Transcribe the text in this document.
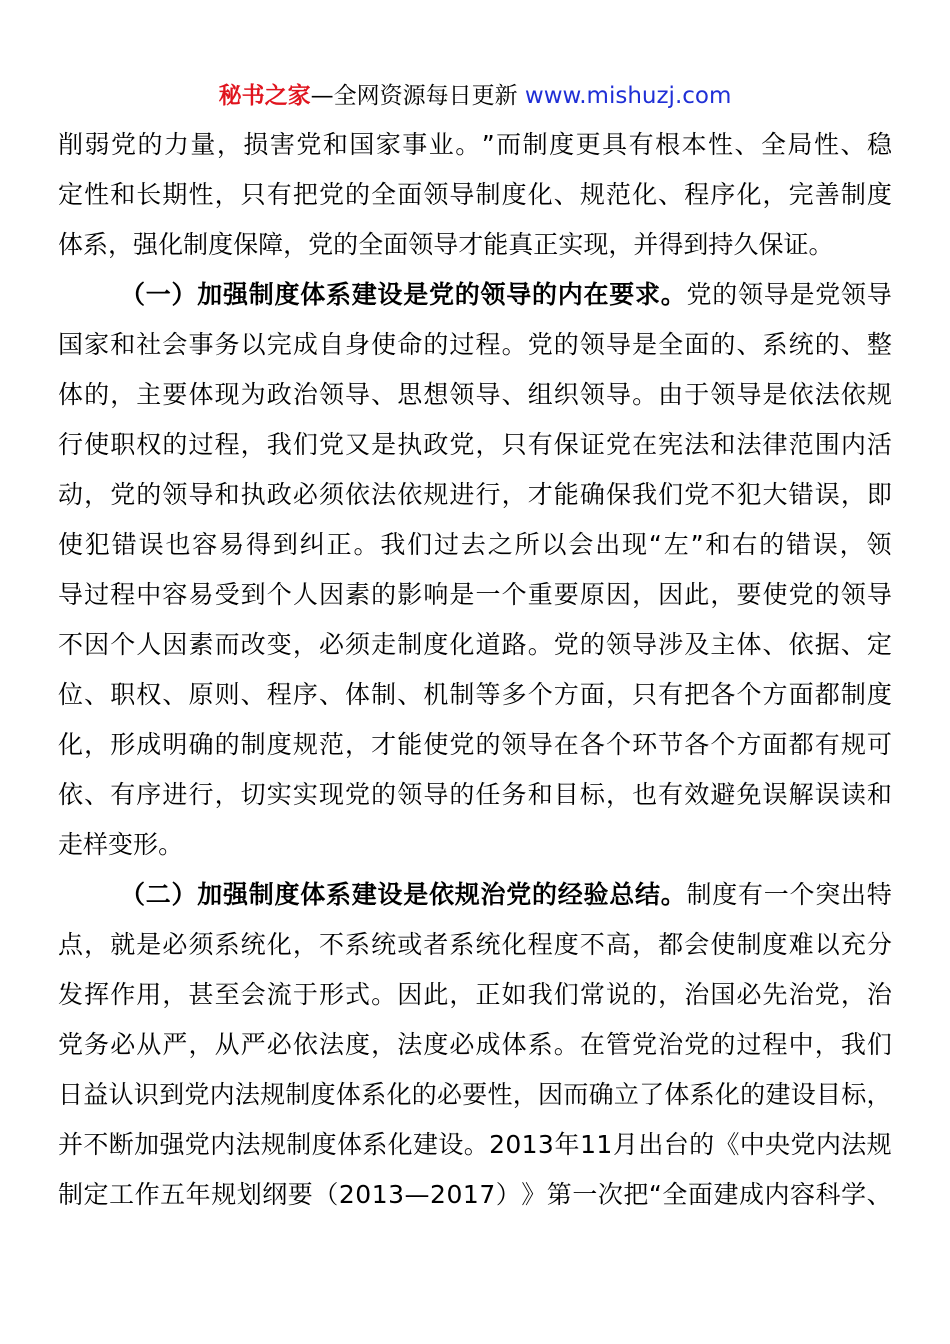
秘书之家—全网资源每日更新 www.mishuzj.com
削 弱 党 的 力 量 ， 损 害 党 和 国 家 事 业 。 ” 而 制 度 更 具 有 根 本 性 、 全 局 性 、 稳
定 性 和 长 期 性 ， 只 有 把 党 的 全 面 领 导 制 度 化 、 规 范 化 、 程 序 化 ， 完 善 制 度
体 系 ， 强 化 制 度 保 障 ， 党 的 全 面 领 导 才 能 真 正 实 现 ， 并 得 到 持 久 保 证 。
（ 一 ） 加 强 制 度 体 系 建 设 是 党 的 领 导 的 内 在 要 求 。 党 的 领 导 是 党 领 导
国 家 和 社 会 事 务 以 完 成 自 身 使 命 的 过 程 。 党 的 领 导 是 全 面 的 、 系 统 的 、 整
体 的 ， 主 要 体 现 为 政 治 领 导 、 思 想 领 导 、 组 织 领 导 。 由 于 领 导 是 依 法 依 规
行 使 职 权 的 过 程 ， 我 们 党 又 是 执 政 党 ， 只 有 保 证 党 在 宪 法 和 法 律 范 围 内 活
动 ， 党 的 领 导 和 执 政 必 须 依 法 依 规 进 行 ， 才 能 确 保 我 们 党 不 犯 大 错 误 ， 即
使 犯 错 误 也 容 易 得 到 纠 正 。 我 们 过 去 之 所 以 会 出 现 “ 左 ” 和 右 的 错 误 ， 领
导 过 程 中 容 易 受 到 个 人 因 素 的 影 响 是 一 个 重 要 原 因 ， 因 此 ， 要 使 党 的 领 导
不 因 个 人 因 素 而 改 变 ， 必 须 走 制 度 化 道 路 。 党 的 领 导 涉 及 主 体 、 依 据 、 定
位 、 职 权 、 原 则 、 程 序 、 体 制 、 机 制 等 多 个 方 面 ， 只 有 把 各 个 方 面 都 制 度
化 ， 形 成 明 确 的 制 度 规 范 ， 才 能 使 党 的 领 导 在 各 个 环 节 各 个 方 面 都 有 规 可
依 、 有 序 进 行 ， 切 实 实 现 党 的 领 导 的 任 务 和 目 标 ， 也 有 效 避 免 误 解 误 读 和
走 样 变 形 。
（ 二 ） 加 强 制 度 体 系 建 设 是 依 规 治 党 的 经 验 总 结 。 制 度 有 一 个 突 出 特
点 ， 就 是 必 须 系 统 化 ， 不 系 统 或 者 系 统 化 程 度 不 高 ， 都 会 使 制 度 难 以 充 分
发 挥 作 用 ， 甚 至 会 流 于 形 式 。 因 此 ， 正 如 我 们 常 说 的 ， 治 国 必 先 治 党 ， 治
党 务 必 从 严 ， 从 严 必 依 法 度 ， 法 度 必 成 体 系 。 在 管 党 治 党 的 过 程 中 ， 我 们
日 益 认 识 到 党 内 法 规 制 度 体 系 化 的 必 要 性 ， 因 而 确 立 了 体 系 化 的 建 设 目 标 ，
并 不 断 加 强 党 内 法 规 制 度 体 系 化 建 设 。 2 0 1 3 年 1 1 月 出 台 的 《 中 央 党 内 法 规
制 定 工 作 五 年 规 划 纲 要 （ 2 0 1 3 — 2 0 1 7 ） 》 第 一 次 把 “ 全 面 建 成 内 容 科 学 、
